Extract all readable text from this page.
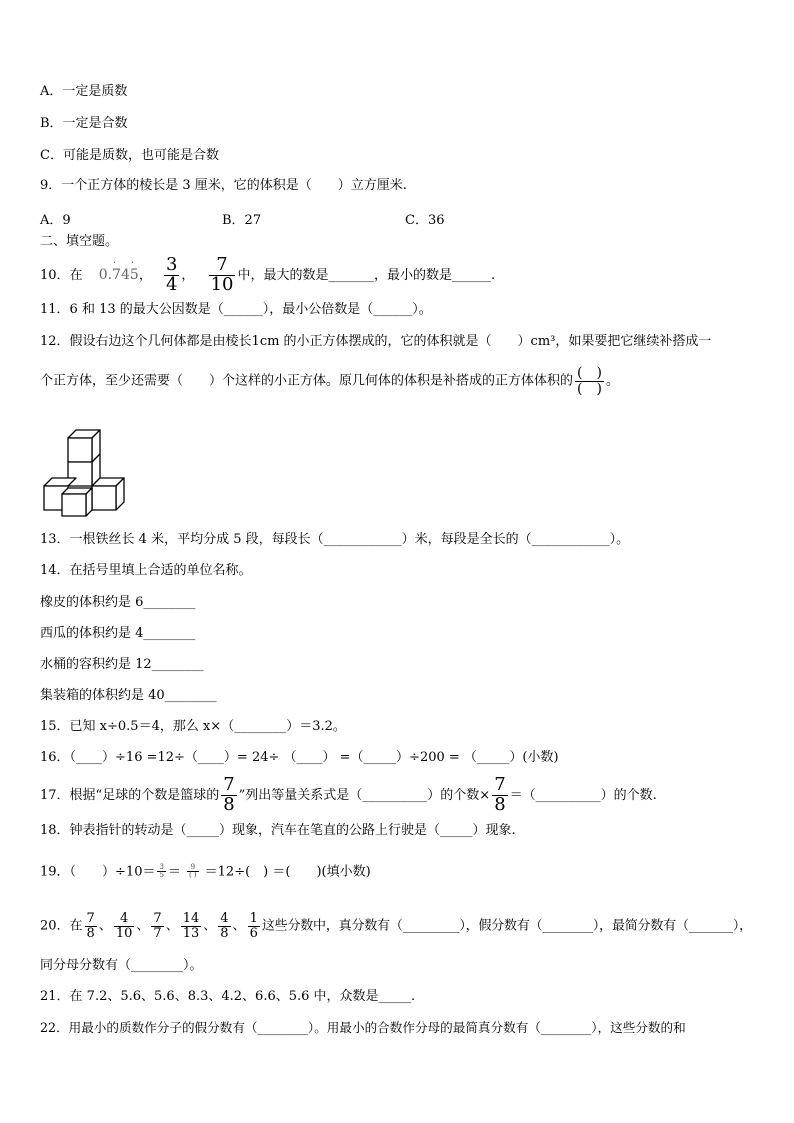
A．一定是质数
B．一定是合数
C．可能是质数，也可能是合数
9．一个正方体的棱长是 3 厘米，它的体积是（　　）立方厘米.
A．9	B．27	C．36
二、填空题。
10．在 0.· 74· 5， $\frac{3}{4}$ ， $\frac{7}{10}$ 中，最大的数是_______，最小的数是______.
11．6 和 13 的最大公因数是（______），最小公倍数是（______）。
12．假设右边这个几何体都是由棱长1cm 的小正方体摆成的，它的体积就是（　　）cm³，如果要把它继续补搭成一
个正方体，至少还需要（　　）个这样的小正方体。原几何体的体积是补搭成的正方体体积的 $\frac{( )}{( )}$ 。
13．一根铁丝长 4 米，平均分成 5 段，每段长（____________）米，每段是全长的（____________）。
14．在括号里填上合适的单位名称。
橡皮的体积约是 6________
西瓜的体积约是 4________
水桶的容积约是 12________
集装箱的体积约是 40________
15．已知 x÷0.5＝4，那么 x×（________）＝3.2。
16．（____）÷16 =12÷（____）= 24÷ （____） =（_____）÷200 = （_____）(小数)
17．根据“足球的个数是篮球的 $\frac{7}{8}$ ”列出等量关系式是（__________）的个数× $\frac{7}{8}$ ＝（__________）的个数.
18．钟表指针的转动是（_____）现象，汽车在笔直的公路上行驶是（_____）现象.
19．（　　）$\div 10= \frac{3}{5} = \frac{9}{( )} =12\div$(　) ＝(　　)(填小数)
20．在 $\frac{7}{8}$ 、 $\frac{4}{10}$ 、 $\frac{7}{7}$ 、 $\frac{14}{13}$ 、 $\frac{4}{8}$ 、 $\frac{1}{6}$ 这些分数中，真分数有（_________），假分数有（________），最简分数有（_______），
同分母分数有（________）。
21．在 7.2、5.6、5.6、8.3、4.2、6.6、5.6 中，众数是_____.
22．用最小的质数作分子的假分数有（________）。用最小的合数作分母的最简真分数有（________），这些分数的和
